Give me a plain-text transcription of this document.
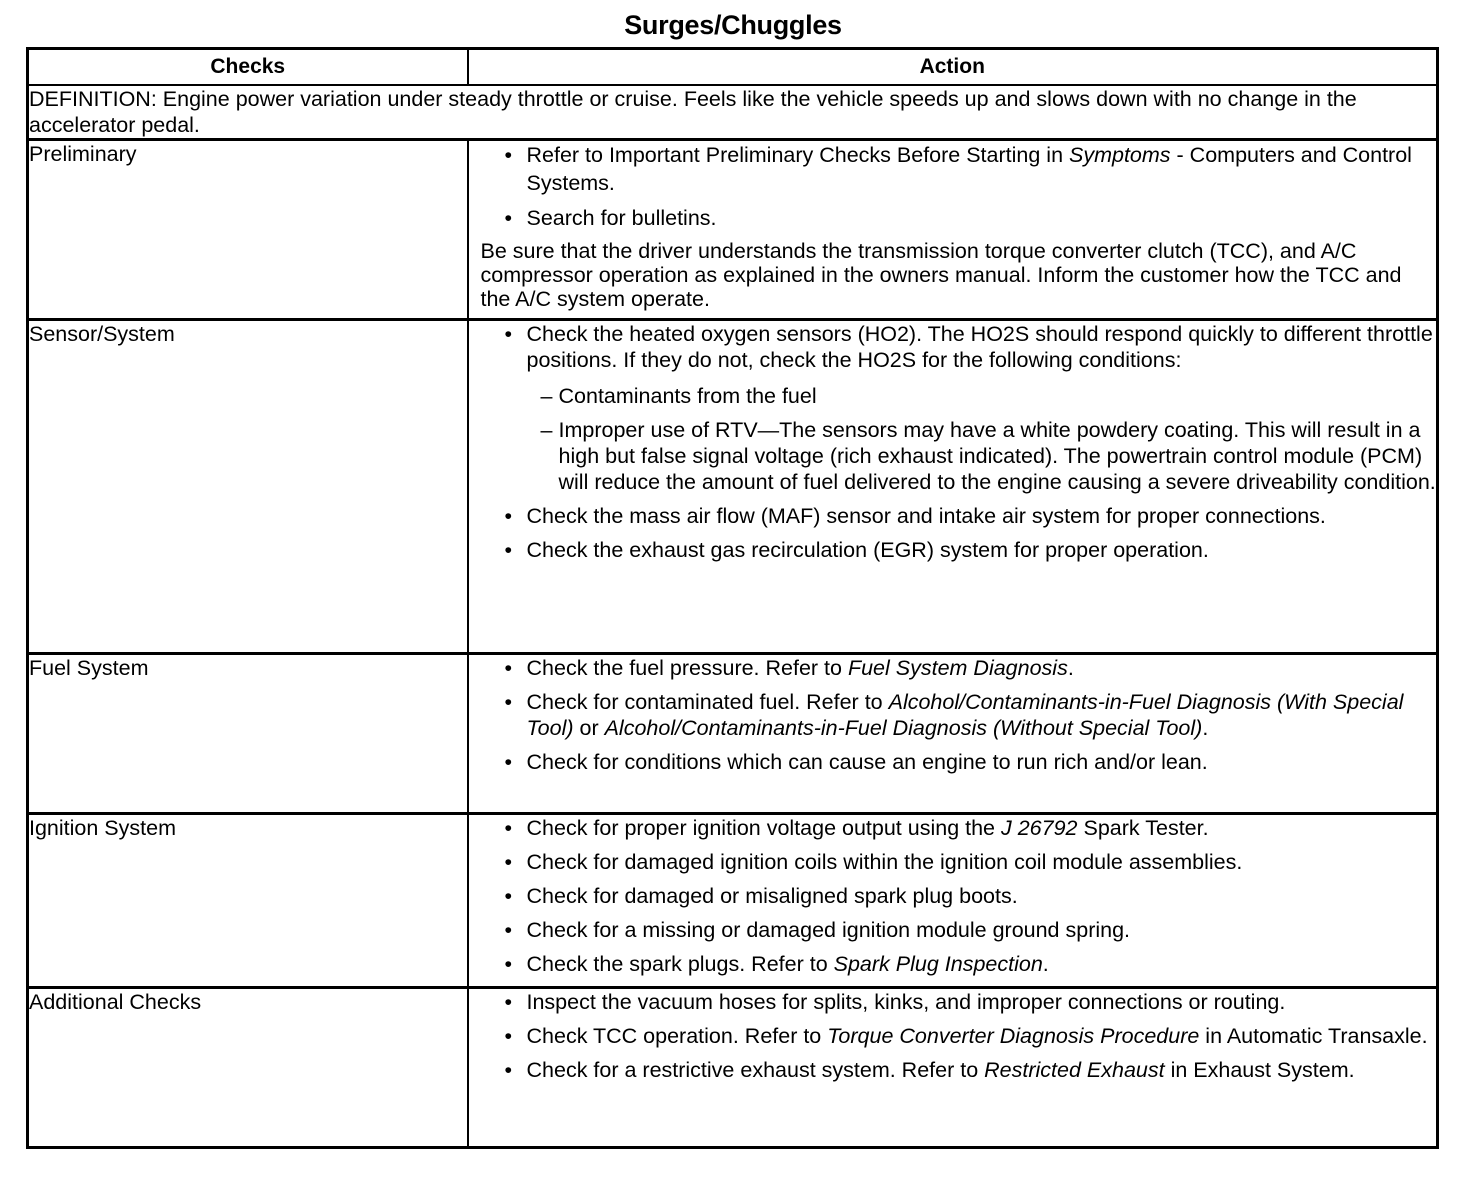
Surges/Chuggles
Checks	Action
DEFINITION: Engine power variation under steady throttle or cruise. Feels like the vehicle speeds up and slows down with no change in the accelerator pedal.	
Preliminary	
•Refer to Important Preliminary Checks Before Starting in Symptoms - Computers and Control Systems.
• Search for bulletins.
Be sure that the driver understands the transmission torque converter clutch (TCC), and A/C compressor operation as explained in the owners manual. Inform the customer how the TCC and the A/C system operate.

Sensor/System	
•Check the heated oxygen sensors (HO2). The HO2S should respond quickly to different throttle positions. If they do not, check the HO2S for the following conditions:
– Contaminants from the fuel
– Improper use of RTV—The sensors may have a white powdery coating. This will result in a high but false signal voltage (rich exhaust indicated). The powertrain control module (PCM) will reduce the amount of fuel delivered to the engine causing a severe driveability condition.
• Check the mass air flow (MAF) sensor and intake air system for proper connections.
• Check the exhaust gas recirculation (EGR) system for proper operation.

Fuel System	
•Check the fuel pressure. Refer to Fuel System Diagnosis.
• Check for contaminated fuel. Refer to Alcohol/Contaminants-in-Fuel Diagnosis (With Special Tool) or Alcohol/Contaminants-in-Fuel Diagnosis (Without Special Tool).
• Check for conditions which can cause an engine to run rich and/or lean.

Ignition System	
•Check for proper ignition voltage output using the J 26792 Spark Tester.
• Check for damaged ignition coils within the ignition coil module assemblies.
• Check for damaged or misaligned spark plug boots.
• Check for a missing or damaged ignition module ground spring.
• Check the spark plugs. Refer to Spark Plug Inspection.

Additional Checks	
•Inspect the vacuum hoses for splits, kinks, and improper connections or routing.
• Check TCC operation. Refer to Torque Converter Diagnosis Procedure in Automatic Transaxle.
• Check for a restrictive exhaust system. Refer to Restricted Exhaust in Exhaust System.
